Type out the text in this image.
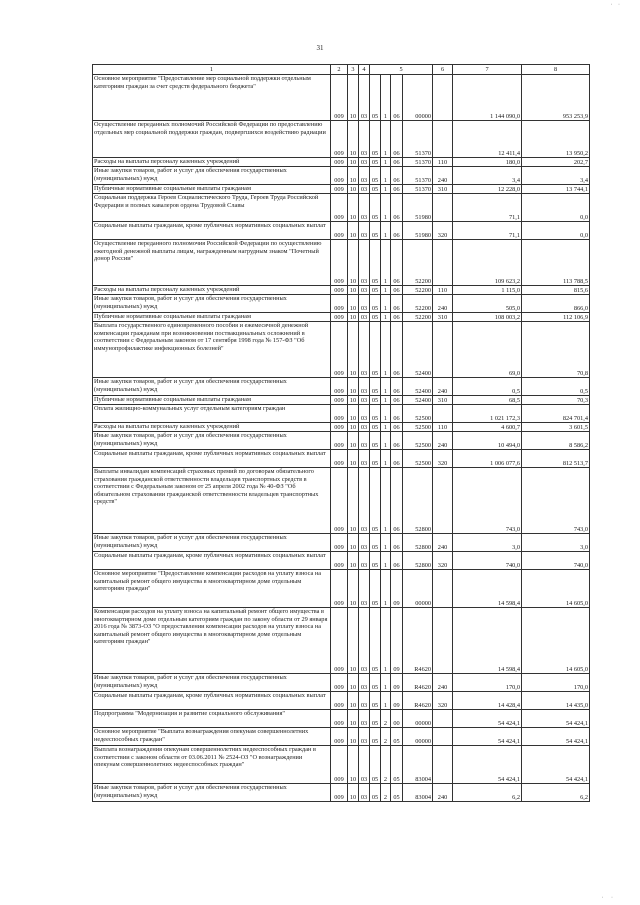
· ·
31
1	2	3	4	5				6	7	8
Основное мероприятие "Предоставление мер социальной поддержки отдельным категориям граждан за счет средств федерального бюджета"	009	10	03	05	1	06	00000		1 144 090,0	953 253,9
Осуществление переданных полномочий Российской Федерации по предоставлению отдельных мер социальной поддержки граждан, подвергшихся воздействию радиации	009	10	03	05	1	06	51370		12 411,4	13 950,2
Расходы на выплаты персоналу казенных учреждений	009	10	03	05	1	06	51370	110	180,0	202,7
Иные закупки товаров, работ и услуг для обеспечения государственных (муниципальных) нужд	009	10	03	05	1	06	51370	240	3,4	3,4
Публичные нормативные социальные выплаты гражданам	009	10	03	05	1	06	51370	310	12 228,0	13 744,1
Социальная поддержка Героев Социалистического Труда, Героев Труда Российской Федерации и полных кавалеров ордена Трудовой Славы	009	10	03	05	1	06	51980		71,1	0,0
Социальные выплаты гражданам, кроме публичных нормативных социальных выплат	009	10	03	05	1	06	51980	320	71,1	0,0
Осуществление переданного полномочия Российской Федерации по осуществлению ежегодной денежной выплаты лицам, награжденным нагрудным знаком "Почетный донор России"	009	10	03	05	1	06	52200		109 623,2	113 788,5
Расходы на выплаты персоналу казенных учреждений	009	10	03	05	1	06	52200	110	1 115,0	815,6
Иные закупки товаров, работ и услуг для обеспечения государственных (муниципальных) нужд	009	10	03	05	1	06	52200	240	505,0	866,0
Публичные нормативные социальные выплаты гражданам	009	10	03	05	1	06	52200	310	108 003,2	112 106,9
Выплата государственного единовременного пособия и ежемесячной денежной компенсации гражданам при возникновении поствакцинальных осложнений в соответствии с Федеральным законом от 17 сентября 1998 года № 157-ФЗ "Об иммунопрофилактике инфекционных болезней"	009	10	03	05	1	06	52400		69,0	70,8
Иные закупки товаров, работ и услуг для обеспечения государственных (муниципальных) нужд	009	10	03	05	1	06	52400	240	0,5	0,5
Публичные нормативные социальные выплаты гражданам	009	10	03	05	1	06	52400	310	68,5	70,3
Оплата жилищно-коммунальных услуг отдельным категориям граждан	009	10	03	05	1	06	52500		1 021 172,3	824 701,4
Расходы на выплаты персоналу казенных учреждений	009	10	03	05	1	06	52500	110	4 600,7	3 601,5
Иные закупки товаров, работ и услуг для обеспечения государственных (муниципальных) нужд	009	10	03	05	1	06	52500	240	10 494,0	8 586,2
Социальные выплаты гражданам, кроме публичных нормативных социальных выплат	009	10	03	05	1	06	52500	320	1 006 077,6	812 513,7
Выплаты инвалидам компенсаций страховых премий по договорам обязательного страхования гражданской ответственности владельцев транспортных средств в соответствии с Федеральным законом от 25 апреля 2002 года № 40-ФЗ "Об обязательном страховании гражданской ответственности владельцев транспортных средств"	009	10	03	05	1	06	52800		743,0	743,0
Иные закупки товаров, работ и услуг для обеспечения государственных (муниципальных) нужд	009	10	03	05	1	06	52800	240	3,0	3,0
Социальные выплаты гражданам, кроме публичных нормативных социальных выплат	009	10	03	05	1	06	52800	320	740,0	740,0
Основное мероприятие "Предоставление компенсации расходов на уплату взноса на капитальный ремонт общего имущества в многоквартирном доме отдельным категориям граждан"	009	10	03	05	1	09	00000		14 598,4	14 605,0
Компенсация расходов на уплату взноса на капитальный ремонт общего имущества в многоквартирном доме отдельным категориям граждан по закону области от 29 января 2016 года № 3873-ОЗ "О предоставлении компенсации расходов на уплату взноса на капитальный ремонт общего имущества в многоквартирном доме отдельным категориям граждан"	009	10	03	05	1	09	R4620		14 598,4	14 605,0
Иные закупки товаров, работ и услуг для обеспечения государственных (муниципальных) нужд	009	10	03	05	1	09	R4620	240	170,0	170,0
Социальные выплаты гражданам, кроме публичных нормативных социальных выплат	009	10	03	05	1	09	R4620	320	14 428,4	14 435,0
Подпрограмма "Модернизация и развитие социального обслуживания"	009	10	03	05	2	00	00000		54 424,1	54 424,1
Основное мероприятие "Выплата вознаграждения опекунам совершеннолетних недееспособных граждан"	009	10	03	05	2	05	00000		54 424,1	54 424,1
Выплата вознаграждения опекунам совершеннолетних недееспособных граждан в соответствии с законом области от 03.06.2011 № 2524-ОЗ "О вознаграждении опекунам совершеннолетних недееспособных граждан"	009	10	03	05	2	05	83004		54 424,1	54 424,1
Иные закупки товаров, работ и услуг для обеспечения государственных (муниципальных) нужд	009	10	03	05	2	05	83004	240	6,2	6,2
· ·
